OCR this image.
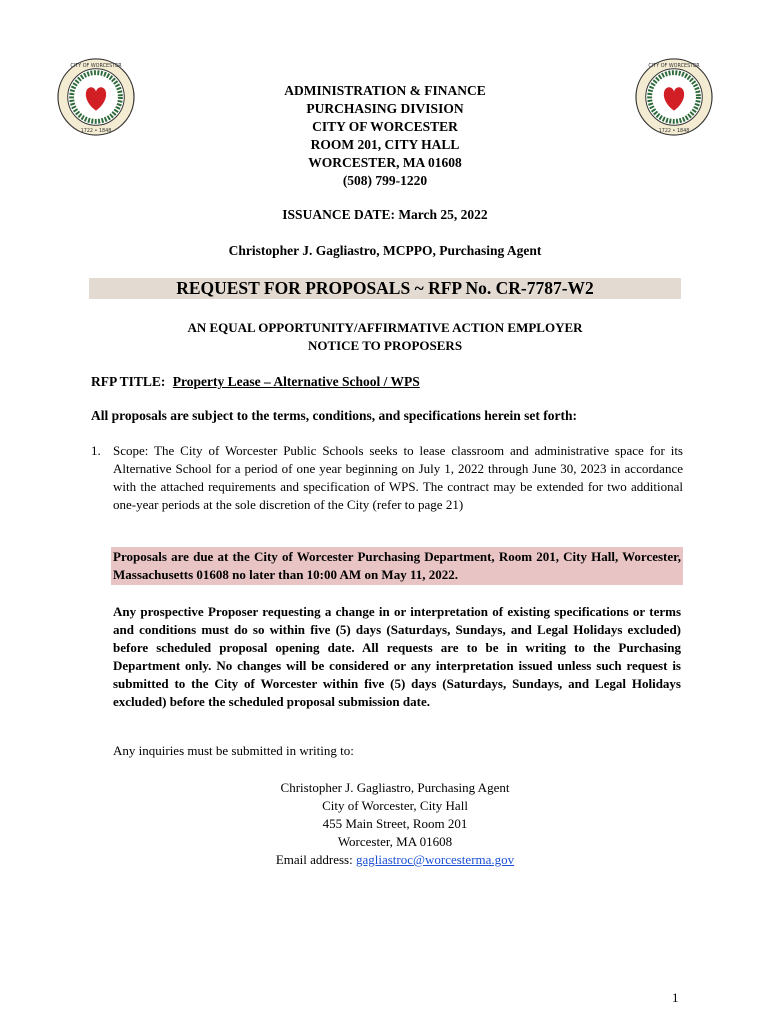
CITY OF WORCESTER
1722 • 1848
CITY OF WORCESTER
1722 • 1848
ADMINISTRATION & FINANCE
PURCHASING DIVISION
CITY OF WORCESTER
ROOM 201, CITY HALL
WORCESTER, MA 01608
(508) 799-1220
ISSUANCE DATE: March 25, 2022
Christopher J. Gagliastro, MCPPO, Purchasing Agent
REQUEST FOR PROPOSALS ~ RFP No. CR-7787-W2
AN EQUAL OPPORTUNITY/AFFIRMATIVE ACTION EMPLOYER
NOTICE TO PROPOSERS
RFP TITLE: Property Lease – Alternative School / WPS
All proposals are subject to the terms, conditions, and specifications herein set forth:
1. Scope: The City of Worcester Public Schools seeks to lease classroom and administrative space for its Alternative School for a period of one year beginning on July 1, 2022 through June 30, 2023 in accordance with the attached requirements and specification of WPS. The contract may be extended for two additional one-year periods at the sole discretion of the City (refer to page 21)
Proposals are due at the City of Worcester Purchasing Department, Room 201, City Hall, Worcester, Massachusetts 01608 no later than 10:00 AM on May 11, 2022.
Any prospective Proposer requesting a change in or interpretation of existing specifications or terms and conditions must do so within five (5) days (Saturdays, Sundays, and Legal Holidays excluded) before scheduled proposal opening date. All requests are to be in writing to the Purchasing Department only. No changes will be considered or any interpretation issued unless such request is submitted to the City of Worcester within five (5) days (Saturdays, Sundays, and Legal Holidays excluded) before the scheduled proposal submission date.
Any inquiries must be submitted in writing to:
Christopher J. Gagliastro, Purchasing Agent
City of Worcester, City Hall
455 Main Street, Room 201
Worcester, MA 01608
Email address: gagliastroc@worcesterma.gov
1
